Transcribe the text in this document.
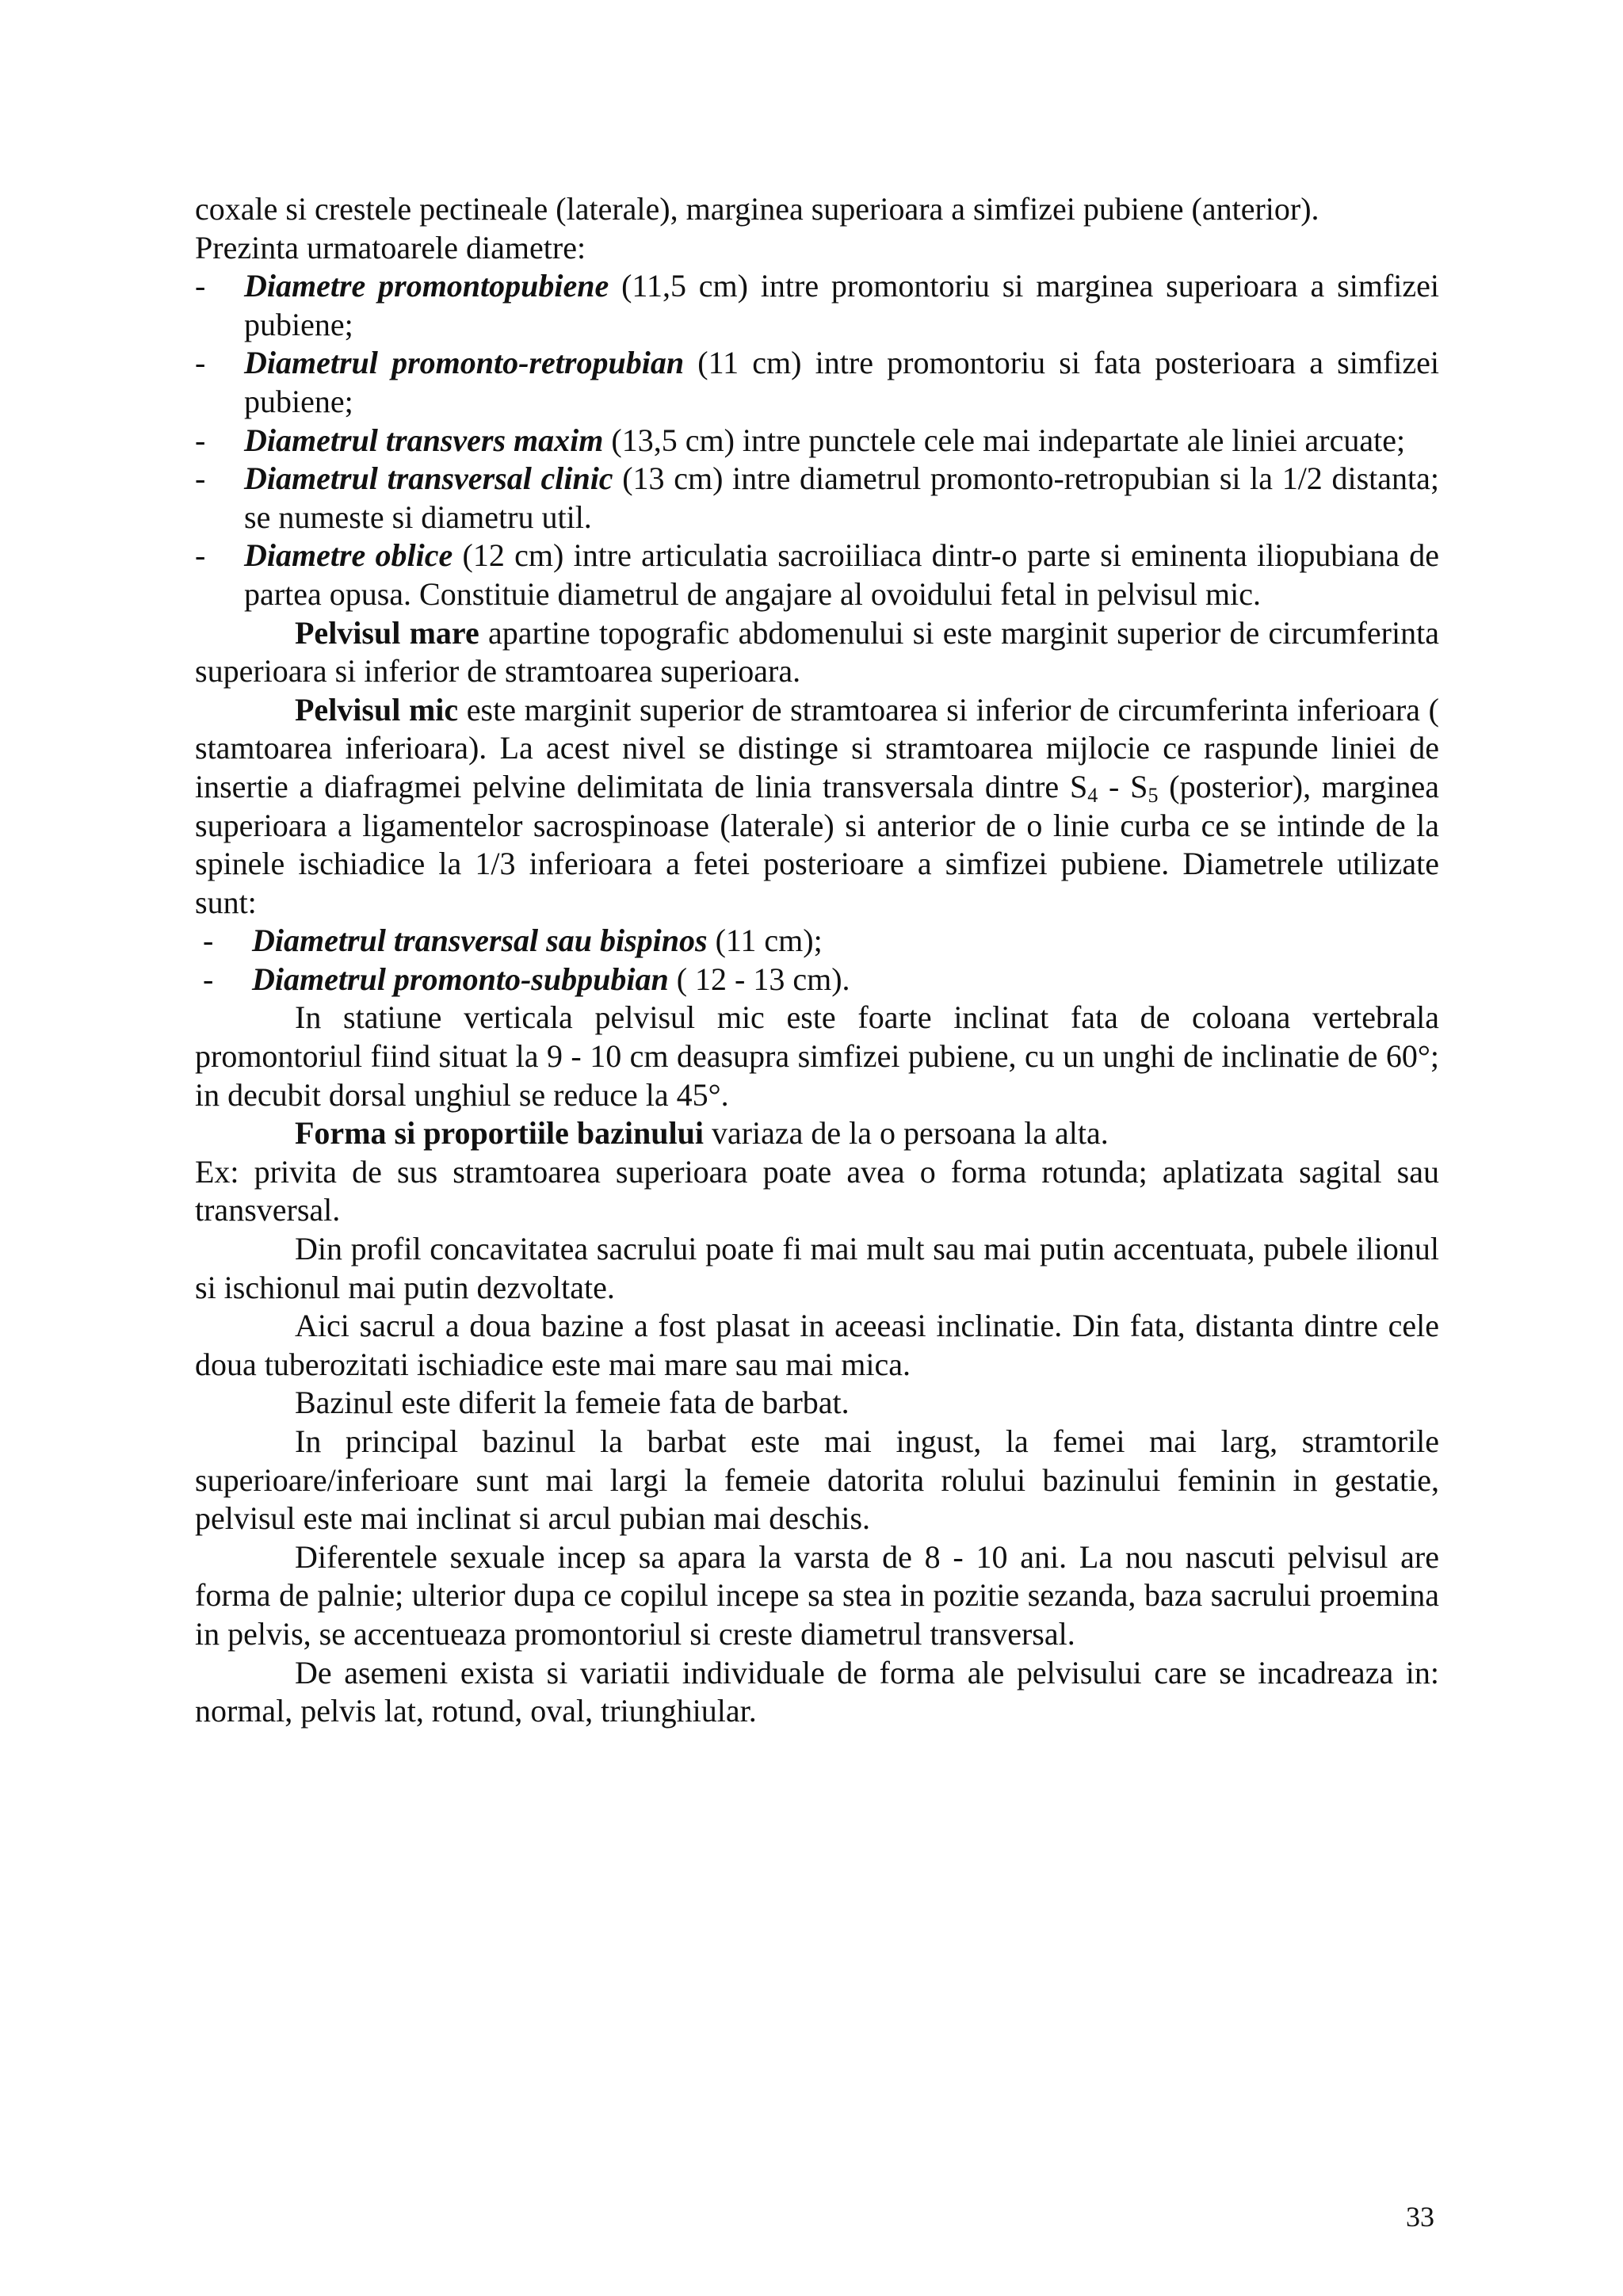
coxale si crestele pectineale (laterale), marginea superioara a simfizei pubiene (anterior).

Prezinta urmatoarele diametre:

- Diametre promontopubiene (11,5 cm) intre promontoriu si marginea superioara a simfizei pubiene;
- Diametrul promonto-retropubian (11 cm) intre promontoriu si fata posterioara a simfizei pubiene;
- Diametrul transvers maxim (13,5 cm) intre punctele cele mai indepartate ale liniei arcuate;
- Diametrul transversal clinic (13 cm) intre diametrul promonto-retropubian si la 1/2 distanta; se numeste si diametru util.
- Diametre oblice (12 cm) intre articulatia sacroiiliaca dintr-o parte si eminenta iliopubiana de partea opusa. Constituie diametrul de angajare al ovoidului fetal in pelvisul mic.

Pelvisul mare apartine topografic abdomenului si este marginit superior de circumferinta superioara si inferior de stramtoarea superioara.

Pelvisul mic este marginit superior de stramtoarea si inferior de circumferinta inferioara ( stamtoarea inferioara). La acest nivel se distinge si stramtoarea mijlocie ce raspunde liniei de insertie a diafragmei pelvine delimitata de linia transversala dintre $S_4 - S_5$ (posterior), marginea superioara a ligamentelor sacrospinoase (laterale) si anterior de o linie curba ce se intinde de la spinele ischiadice la 1/3 inferioara a fetei posterioare a simfizei pubiene. Diametrele utilizate sunt:

- Diametrul transversal sau bispinos (11 cm);
- Diametrul promonto-subpubian ( 12 - 13 cm).

In statiune verticala pelvisul mic este foarte inclinat fata de coloana vertebrala promontoriul fiind situat la 9 - 10 cm deasupra simfizei pubiene, cu un unghi de inclinatie de 60°; in decubit dorsal unghiul se reduce la 45°.

Forma si proportiile bazinului variaza de la o persoana la alta.

Ex: privita de sus stramtoarea superioara poate avea o forma rotunda; aplatizata sagital sau transversal.

Din profil concavitatea sacrului poate fi mai mult sau mai putin accentuata, pubele ilionul si ischionul mai putin dezvoltate.

Aici sacrul a doua bazine a fost plasat in aceeasi inclinatie. Din fata, distanta dintre cele doua tuberozitati ischiadice este mai mare sau mai mica.

Bazinul este diferit la femeie fata de barbat.

In principal bazinul la barbat este mai ingust, la femei mai larg, stramtorile superioare/inferioare sunt mai largi la femeie datorita rolului bazinului feminin in gestatie, pelvisul este mai inclinat si arcul pubian mai deschis.

Diferentele sexuale incep sa apara la varsta de 8 - 10 ani. La nou nascuti pelvisul are forma de palnie; ulterior dupa ce copilul incepe sa stea in pozitie sezanda, baza sacrului proemina in pelvis, se accentueaza promontoriul si creste diametrul transversal.

De asemeni exista si variatii individuale de forma ale pelvisului care se incadreaza in: normal, pelvis lat, rotund, oval, triunghiular.

33
